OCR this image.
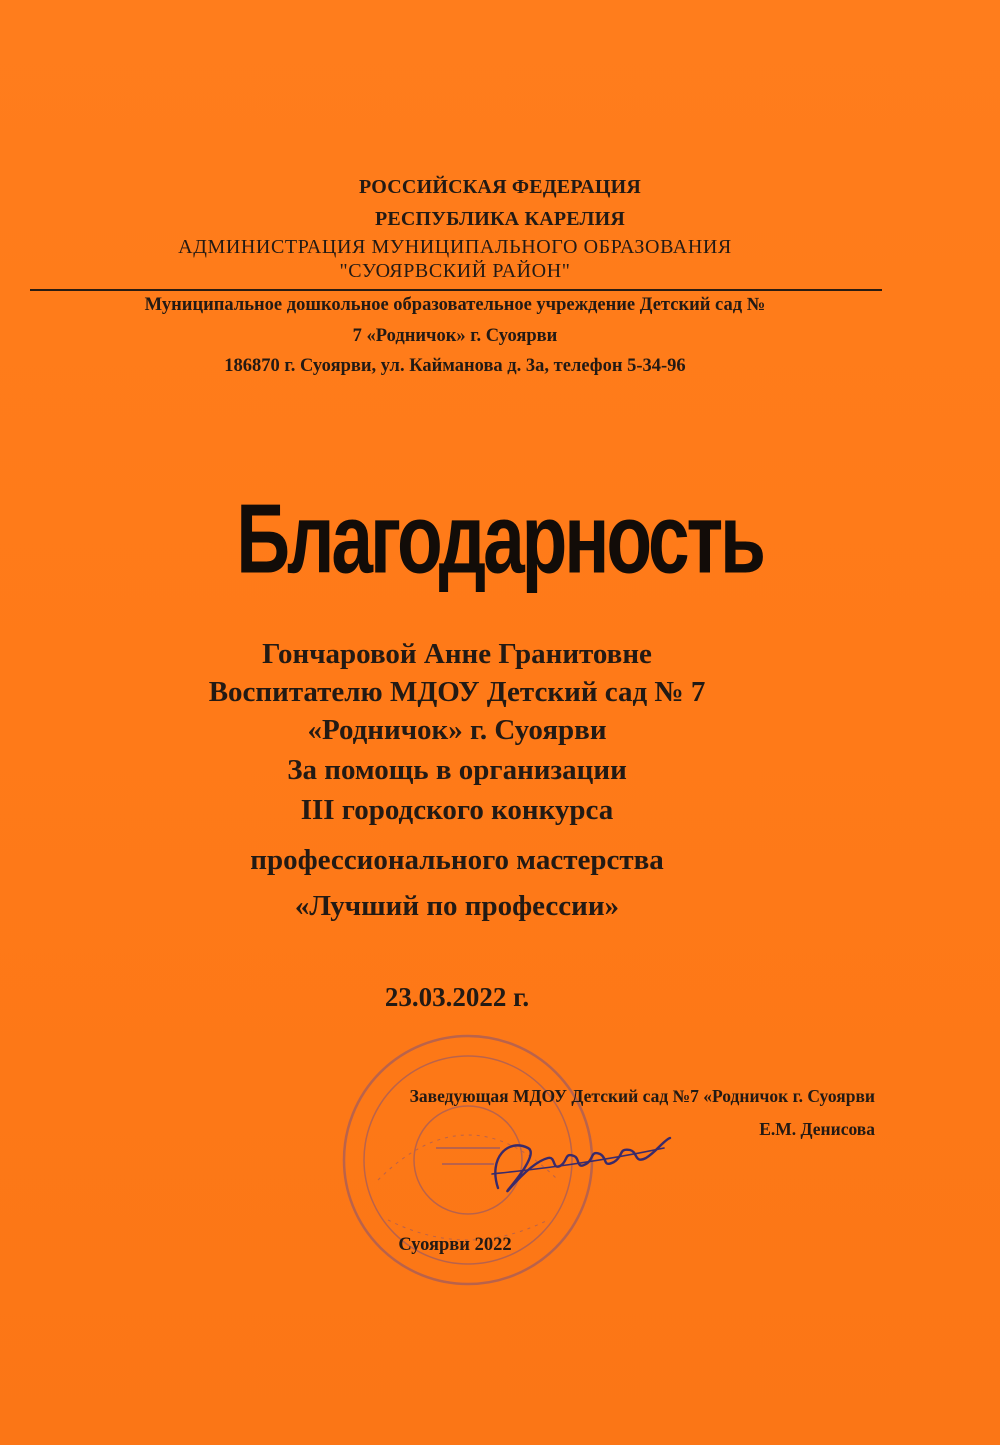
РОССИЙСКАЯ ФЕДЕРАЦИЯ
РЕСПУБЛИКА КАРЕЛИЯ
АДМИНИСТРАЦИЯ МУНИЦИПАЛЬНОГО ОБРАЗОВАНИЯ
"СУОЯРВСКИЙ РАЙОН"
Муниципальное дошкольное образовательное учреждение Детский сад №
7 «Родничок» г. Суоярви
186870 г. Суоярви, ул. Кайманова д. 3а, телефон 5-34-96
Благодарность
Гончаровой Анне Гранитовне
Воспитателю МДОУ Детский сад № 7
«Родничок» г. Суоярви
За помощь в организации
III городского конкурса
профессионального мастерства
«Лучший по профессии»
23.03.2022 г.
Заведующая МДОУ Детский сад №7 «Родничок г. Суоярви
Е.М. Денисова
Суоярви 2022
